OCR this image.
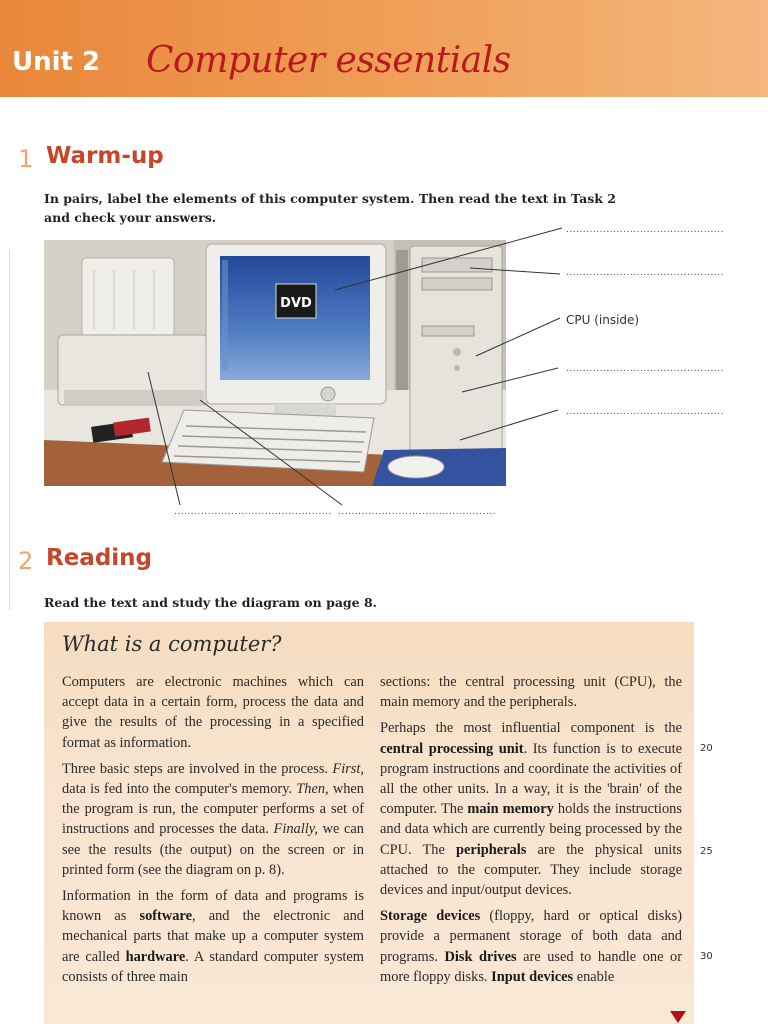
Unit 2 Computer essentials
1 Warm-up
In pairs, label the elements of this computer system. Then read the text in Task 2
and check your answers.
DVD
...............................................
...............................................
CPU (inside)
...............................................
...............................................
............................................... ...............................................
2 Reading
Read the text and study the diagram on page 8.
What is a computer?

Computers are electronic machines which can accept data in a certain form, process the data and give the results of the processing in a specified format as information.

Three basic steps are involved in the process. First, data is fed into the computer's memory. Then, when the program is run, the computer performs a set of instructions and processes the data. Finally, we can see the results (the output) on the screen or in printed form (see the diagram on p. 8).

Information in the form of data and programs is known as software, and the electronic and mechanical parts that make up a computer system are called hardware. A standard computer system consists of three main

sections: the central processing unit (CPU), the main memory and the peripherals.

Perhaps the most influential component is the central processing unit. Its function is to execute program instructions and coordinate the activities of all the other units. In a way, it is the 'brain' of the computer. The main memory holds the instructions and data which are currently being processed by the CPU. The peripherals are the physical units attached to the computer. They include storage devices and input/output devices.

Storage devices (floppy, hard or optical disks) provide a permanent storage of both data and programs. Disk drives are used to handle one or more floppy disks. Input devices enable

20
25
30
